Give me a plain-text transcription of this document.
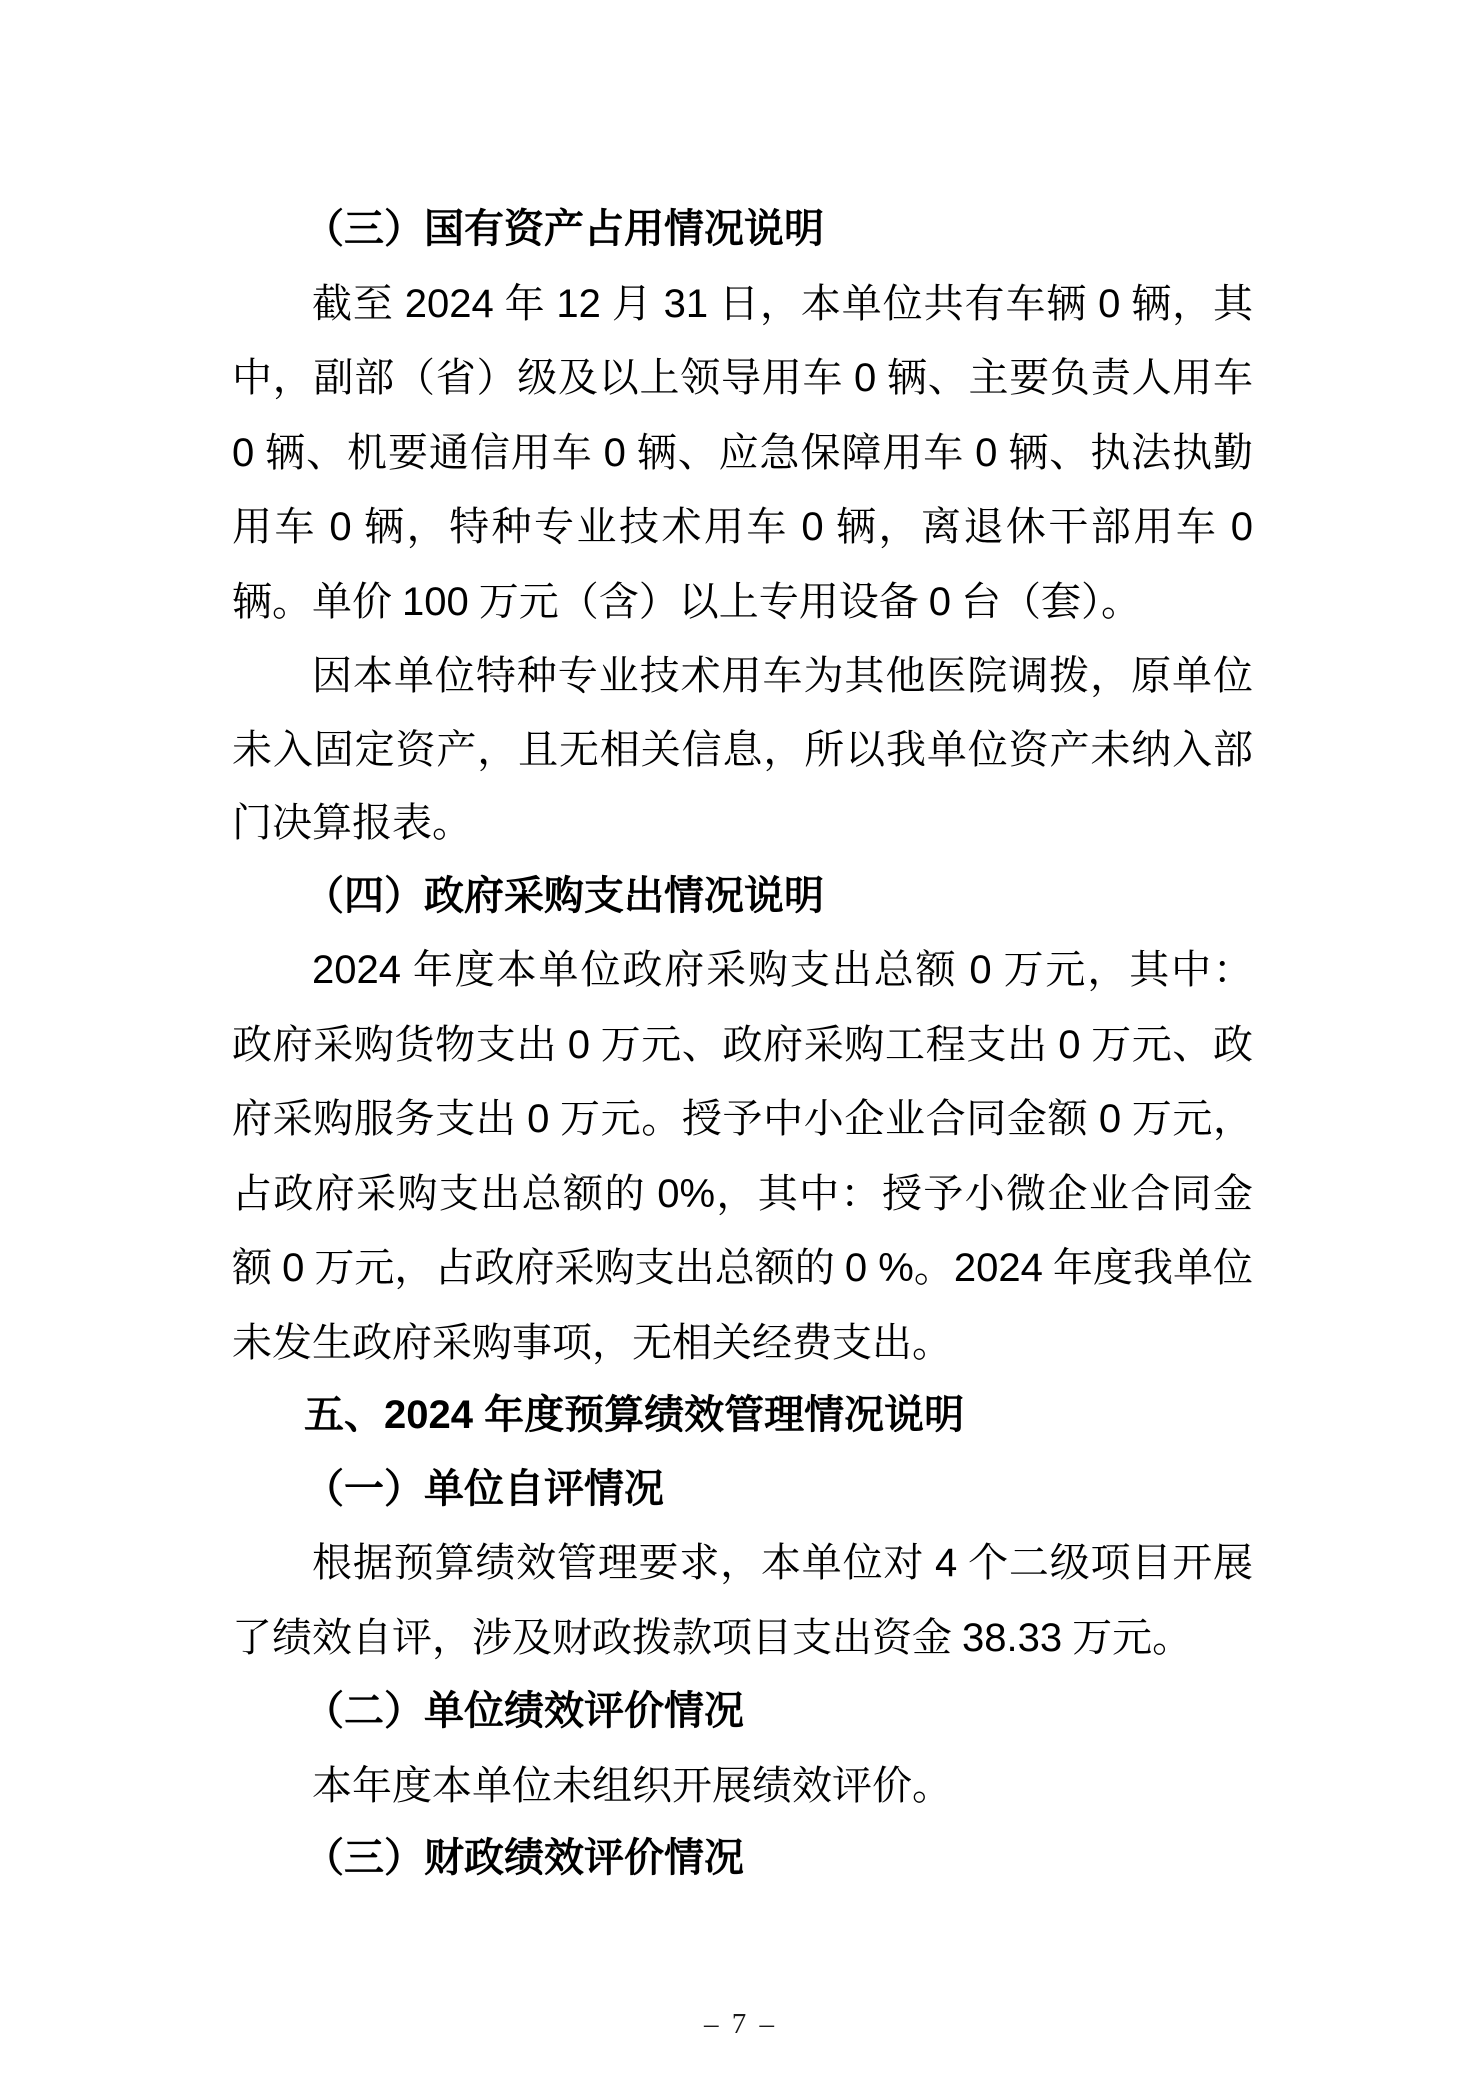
（三）国有资产占用情况说明

截至 2024 年 12 月 31 日，本单位共有车辆 0 辆，其中，副部（省）级及以上领导用车 0 辆、主要负责人用车 0 辆、机要通信用车 0 辆、应急保障用车 0 辆、执法执勤用车 0 辆，特种专业技术用车 0 辆，离退休干部用车 0 辆。单价 100 万元（含）以上专用设备 0 台（套）。

因本单位特种专业技术用车为其他医院调拨，原单位未入固定资产，且无相关信息，所以我单位资产未纳入部门决算报表。

（四）政府采购支出情况说明

2024 年度本单位政府采购支出总额 0 万元，其中：政府采购货物支出 0 万元、政府采购工程支出 0 万元、政府采购服务支出 0 万元。授予中小企业合同金额 0 万元，占政府采购支出总额的 0%，其中：授予小微企业合同金额 0 万元，占政府采购支出总额的 0 %。2024 年度我单位未发生政府采购事项，无相关经费支出。

五、2024 年度预算绩效管理情况说明

（一）单位自评情况

根据预算绩效管理要求，本单位对 4 个二级项目开展了绩效自评，涉及财政拨款项目支出资金 38.33 万元。

（二）单位绩效评价情况

本年度本单位未组织开展绩效评价。

（三）财政绩效评价情况

– 7 –
